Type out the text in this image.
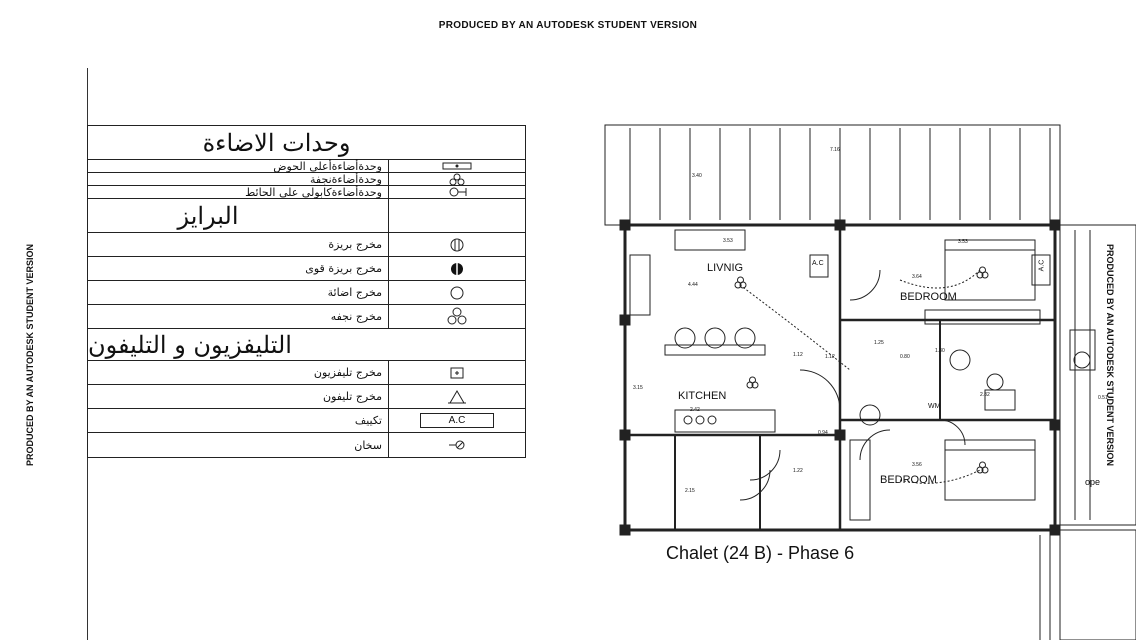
PRODUCED BY AN AUTODESK STUDENT VERSION
PRODUCED BY AN AUTODESK STUDENT VERSION
وحدات الاضاءة
وحدةأضاءةأعلى الحوض
وحدةأضاءةنجفة
وحدةأضاءةكابولى على الحائط
البرايز
مخرج بريزة
مخرج بريزة قوى
مخرج اضائة
مخرج نجفه
التليفزيون و التليفون
مخرج تليفزيون
مخرج تليفون
تكييف	A.C
سخان
LIVNIG
BEDROOM
KITCHEN
BEDROOM
WM
A.C	A.C
ope
7.16
3.40
3.53	3.53
3.64
4.44
1.25
0.80
1.30
1.12	1.12
3.15
2.42
2.82
0.94
1.22
3.56
2.15
0.51
PRODUCED BY AN AUTODESK STUDENT VERSION
Chalet (24 B) - Phase 6
